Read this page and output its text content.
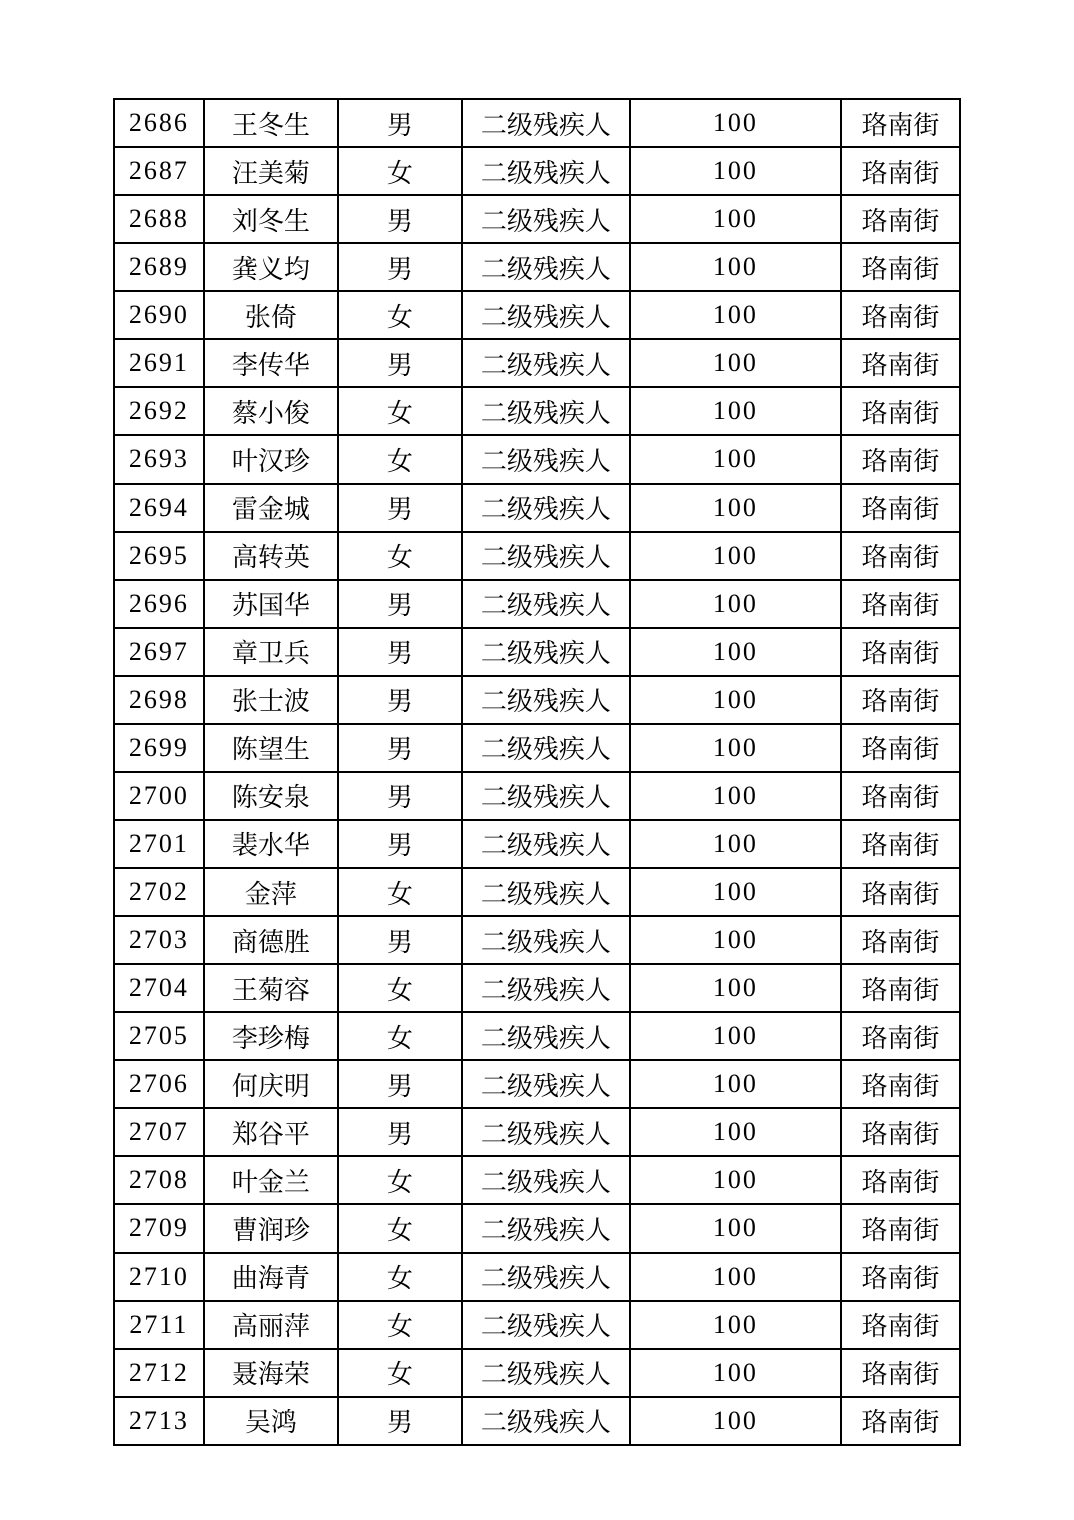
2686	王冬生	男	二级残疾人	100	珞南街
2687	汪美菊	女	二级残疾人	100	珞南街
2688	刘冬生	男	二级残疾人	100	珞南街
2689	龚义均	男	二级残疾人	100	珞南街
2690	张倚	女	二级残疾人	100	珞南街
2691	李传华	男	二级残疾人	100	珞南街
2692	蔡小俊	女	二级残疾人	100	珞南街
2693	叶汉珍	女	二级残疾人	100	珞南街
2694	雷金城	男	二级残疾人	100	珞南街
2695	高转英	女	二级残疾人	100	珞南街
2696	苏国华	男	二级残疾人	100	珞南街
2697	章卫兵	男	二级残疾人	100	珞南街
2698	张士波	男	二级残疾人	100	珞南街
2699	陈望生	男	二级残疾人	100	珞南街
2700	陈安泉	男	二级残疾人	100	珞南街
2701	裴水华	男	二级残疾人	100	珞南街
2702	金萍	女	二级残疾人	100	珞南街
2703	商德胜	男	二级残疾人	100	珞南街
2704	王菊容	女	二级残疾人	100	珞南街
2705	李珍梅	女	二级残疾人	100	珞南街
2706	何庆明	男	二级残疾人	100	珞南街
2707	郑谷平	男	二级残疾人	100	珞南街
2708	叶金兰	女	二级残疾人	100	珞南街
2709	曹润珍	女	二级残疾人	100	珞南街
2710	曲海青	女	二级残疾人	100	珞南街
2711	高丽萍	女	二级残疾人	100	珞南街
2712	聂海荣	女	二级残疾人	100	珞南街
2713	吴鸿	男	二级残疾人	100	珞南街
